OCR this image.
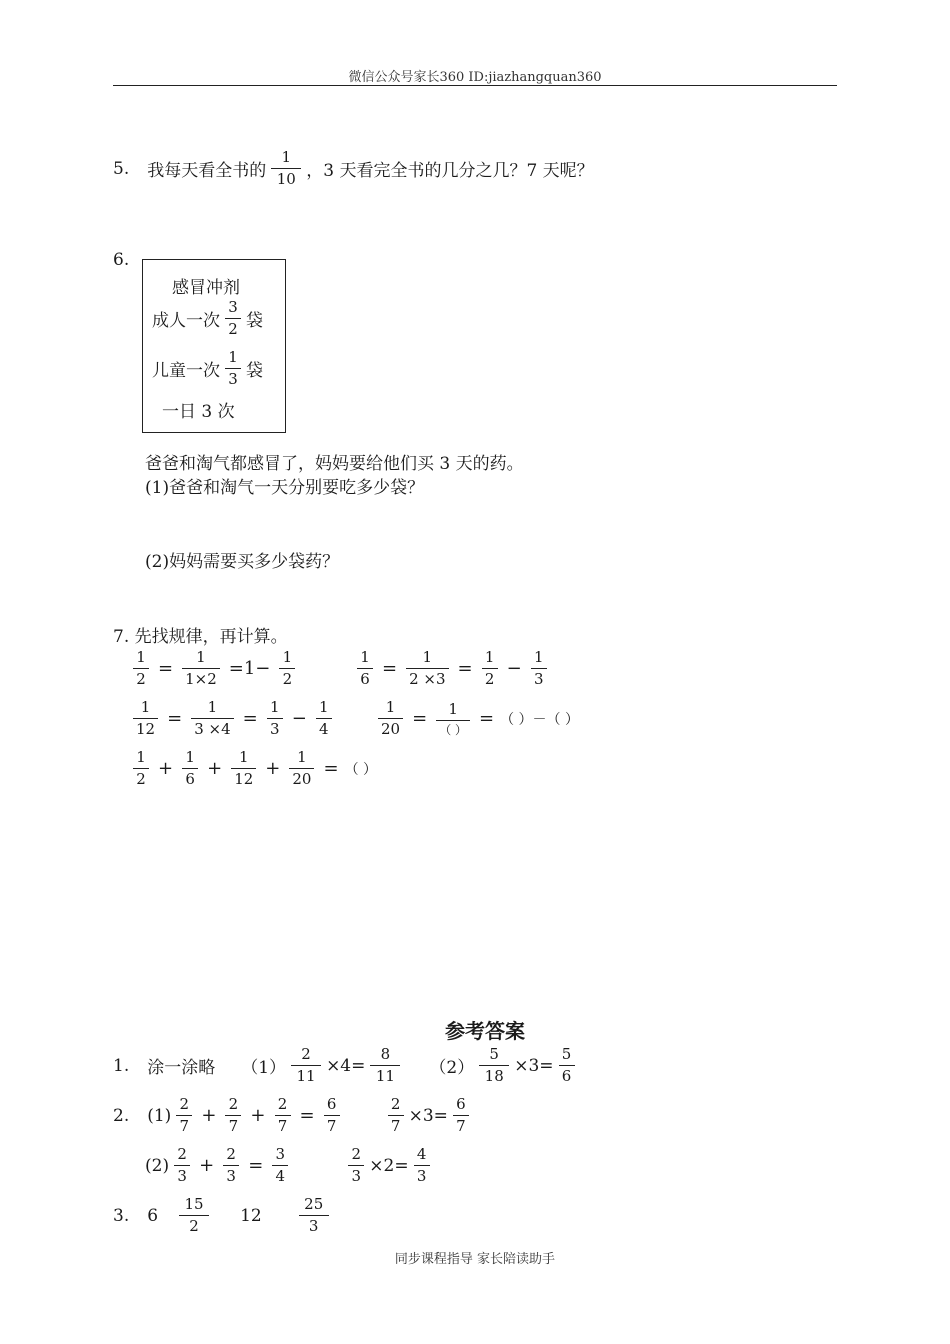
微信公众号家长360 ID:jiazhangquan360
同步课程指导 家长陪读助手
5. 我每天看全书的 $\frac{1}{10}$ ，3 天看完全书的几分之几？7 天呢？
6.
感冒冲剂
成人一次 $\frac{3}{2}$ 袋
儿童一次 $\frac{1}{3}$ 袋
一日 3 次
爸爸和淘气都感冒了，妈妈要给他们买 3 天的药。
(1)爸爸和淘气一天分别要吃多少袋？
(2)妈妈需要买多少袋药？
7. 先找规律，再计算。
$\frac{1}{2} = \frac{1}{1\times 2} =1- \frac{1}{2}$	$\frac{1}{6} = \frac{1}{2 \times 3} = \frac{1}{2} - \frac{1}{3}$
$\frac{1}{12} = \frac{1}{3 \times 4} = \frac{1}{3} - \frac{1}{4}$	$\frac{1}{20} = \frac{1}{( )}$ = （ ）－（ ）
$\frac{1}{2} + \frac{1}{6} + \frac{1}{12} + \frac{1}{20}$ = （ ）
参考答案
1. 涂一涂略 $(1) \frac{2}{11} \times 4= \frac{8}{11} (2) \frac{5}{18} \times 3= \frac{5}{6}$
2. $(1) \frac{2}{7} + \frac{2}{7} + \frac{2}{7} = \frac{6}{7}$	$\frac{2}{7} \times 3= \frac{6}{7}$
$(2) \frac{2}{3} + \frac{2}{3} = \frac{3}{4}$	$\frac{2}{3} \times 2= \frac{4}{3}$
3. $6 \frac{15}{2} 12 \frac{25}{3}$
